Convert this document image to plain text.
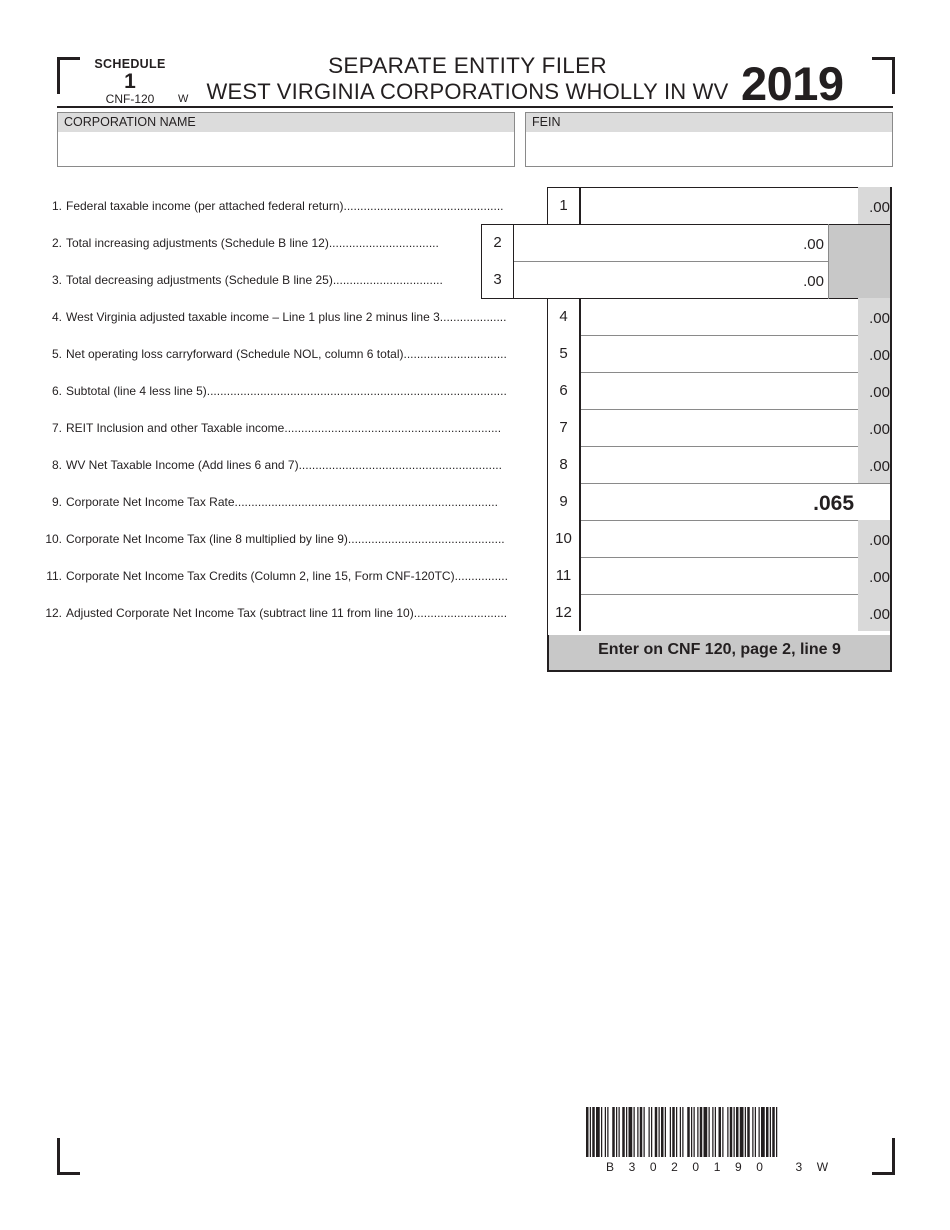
SCHEDULE
1
CNF-120	W
SEPARATE ENTITY FILER
WEST VIRGINIA CORPORATIONS WHOLLY IN WV 2019
CORPORATION NAME	FEIN
1. Federal taxable income (per attached federal return)................................................	1	.00
2. Total increasing adjustments (Schedule B line 12).................................	2	.00
3. Total decreasing adjustments (Schedule B line 25).................................	3	.00
4. West Virginia adjusted taxable income – Line 1 plus line 2 minus line 3....................	4	.00
5. Net operating loss carryforward (Schedule NOL, column 6 total)...............................	5	.00
6. Subtotal (line 4 less line 5)..........................................................................................	6	.00
7. REIT Inclusion and other Taxable income.................................................................	7	.00
8. WV Net Taxable Income (Add lines 6 and 7).............................................................	8	.00
9. Corporate Net Income Tax Rate...............................................................................	9	.065
10. Corporate Net Income Tax (line 8 multiplied by line 9)...............................................	10	.00
11. Corporate Net Income Tax Credits (Column 2, line 15, Form CNF-120TC)................	11	.00
12. Adjusted Corporate Net Income Tax (subtract line 11 from line 10)............................	12	.00
Enter on CNF 120, page 2, line 9
B3020190 3W
